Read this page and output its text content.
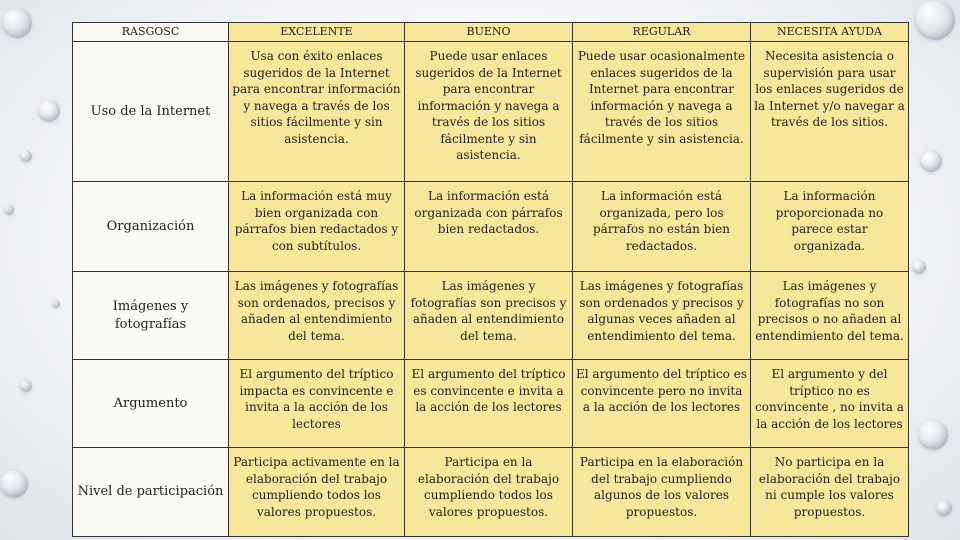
RASGOSC	EXCELENTE	BUENO	REGULAR	NECESITA AYUDA
Uso de la Internet	Usa con éxito enlaces sugeridos de la Internet para encontrar información y navega a través de los sitios fácilmente y sin asistencia.	Puede usar enlaces sugeridos de la Internet para encontrar información y navega a través de los sitios fácilmente y sin asistencia.	Puede usar ocasionalmente enlaces sugeridos de la Internet para encontrar información y navega a través de los sitios fácilmente y sin asistencia.	Necesita asistencia o supervisión para usar los enlaces sugeridos de la Internet y/o navegar a través de los sitios.
Organización	La información está muy bien organizada con párrafos bien redactados y con subtítulos.	La información está organizada con párrafos bien redactados.	La información está organizada, pero los párrafos no están bien redactados.	La información proporcionada no parece estar organizada.
Imágenes y fotografías	Las imágenes y fotografías son ordenados, precisos y añaden al entendimiento del tema.	Las imágenes y fotografías son precisos y añaden al entendimiento del tema.	Las imágenes y fotografías son ordenados y precisos y algunas veces añaden al entendimiento del tema.	Las imágenes y fotografías no son precisos o no añaden al entendimiento del tema.
Argumento	El argumento del tríptico impacta es convincente e invita a la acción de los lectores	El argumento del tríptico es convincente e invita a la acción de los lectores	El argumento del tríptico es convincente pero no invita a la acción de los lectores	El argumento y del tríptico no es convincente , no invita a la acción de los lectores
Nivel de participación	Participa activamente en la elaboración del trabajo cumpliendo todos los valores propuestos.	Participa en la elaboración del trabajo cumpliendo todos los valores propuestos.	Participa en la elaboración del trabajo cumpliendo algunos de los valores propuestos.	No participa en la elaboración del trabajo ni cumple los valores propuestos.
